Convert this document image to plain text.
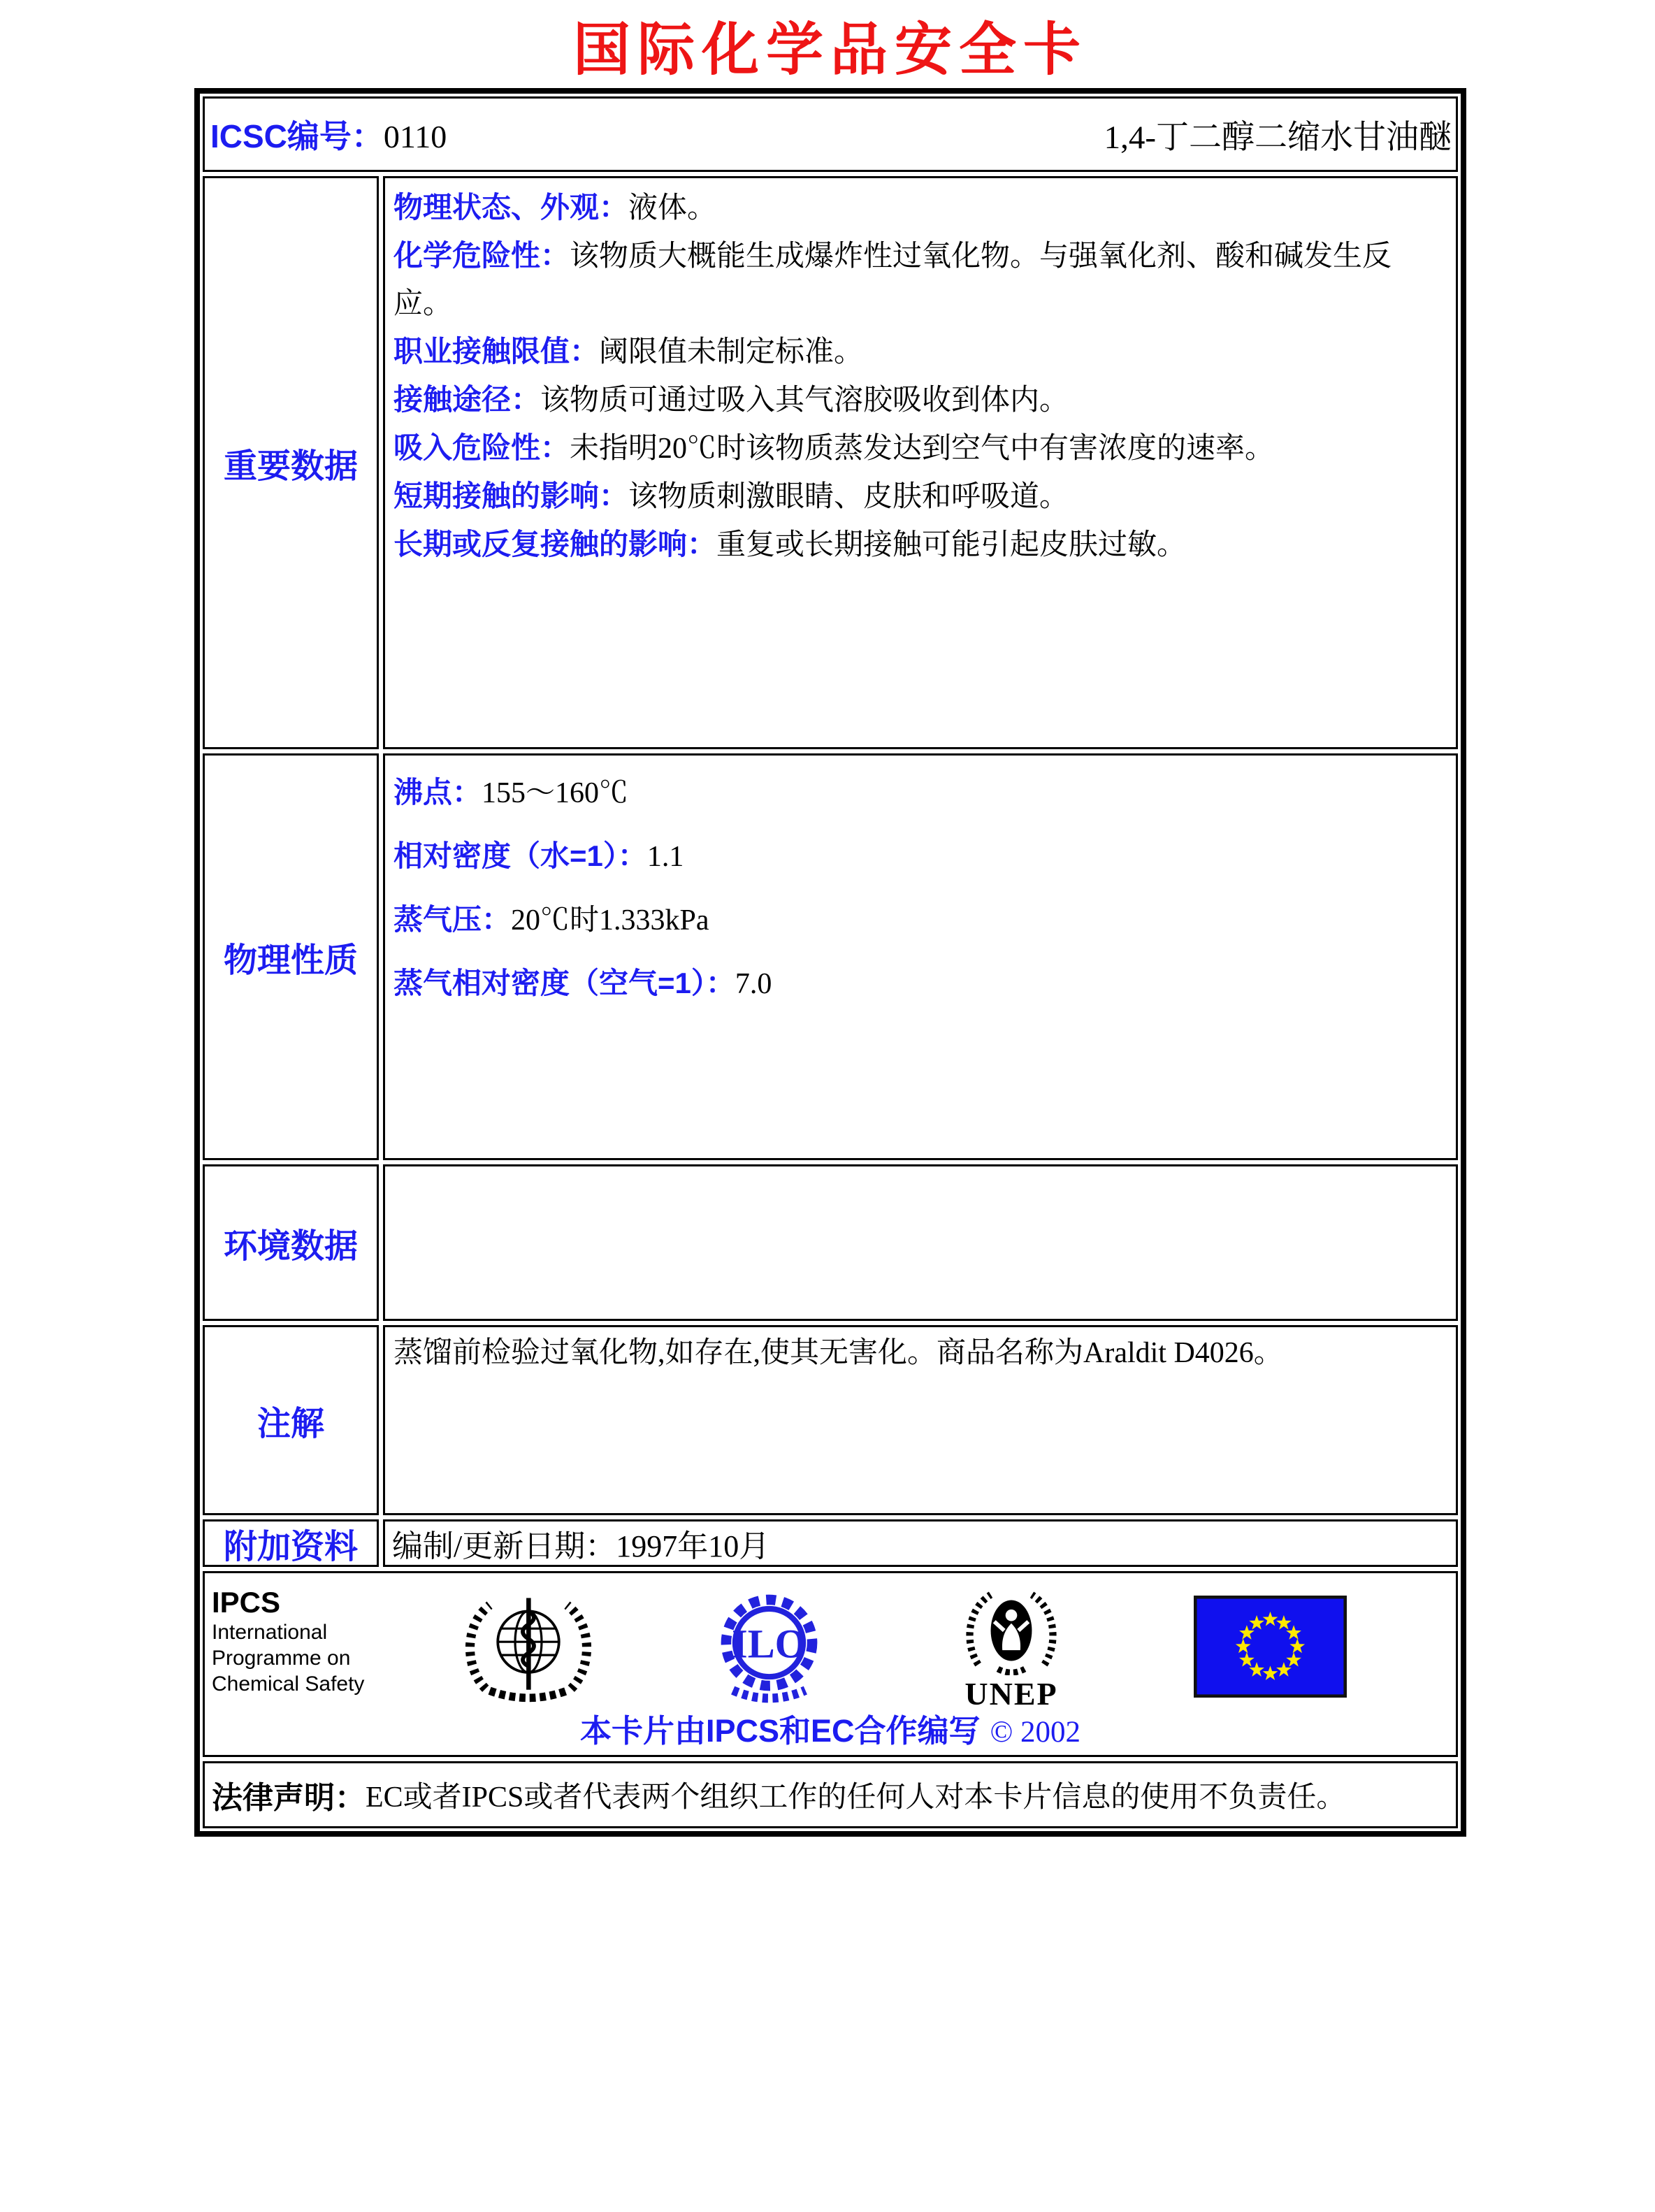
国际化学品安全卡
ICSC编号：0110	1,4-丁二醇二缩水甘油醚
重要数据
物理状态、外观：液体。
化学危险性：该物质大概能生成爆炸性过氧化物。与强氧化剂、酸和碱发生反应。
职业接触限值：阈限值未制定标准。
接触途径：该物质可通过吸入其气溶胶吸收到体内。
吸入危险性：未指明20℃时该物质蒸发达到空气中有害浓度的速率。
短期接触的影响：该物质刺激眼睛、皮肤和呼吸道。
长期或反复接触的影响：重复或长期接触可能引起皮肤过敏。
物理性质
沸点：155～160℃
相对密度（水=1）：1.1
蒸气压：20℃时1.333kPa
蒸气相对密度（空气=1）：7.0
环境数据
注解
蒸馏前检验过氧化物,如存在,使其无害化。商品名称为Araldit D4026。
附加资料	编制/更新日期： 1997年10月
IPCS
International
Programme on
Chemical Safety
ILO
UNEP
本卡片由IPCS和EC合作编写 © 2002
法律声明： EC或者IPCS或者代表两个组织工作的任何人对本卡片信息的使用不负责任。
